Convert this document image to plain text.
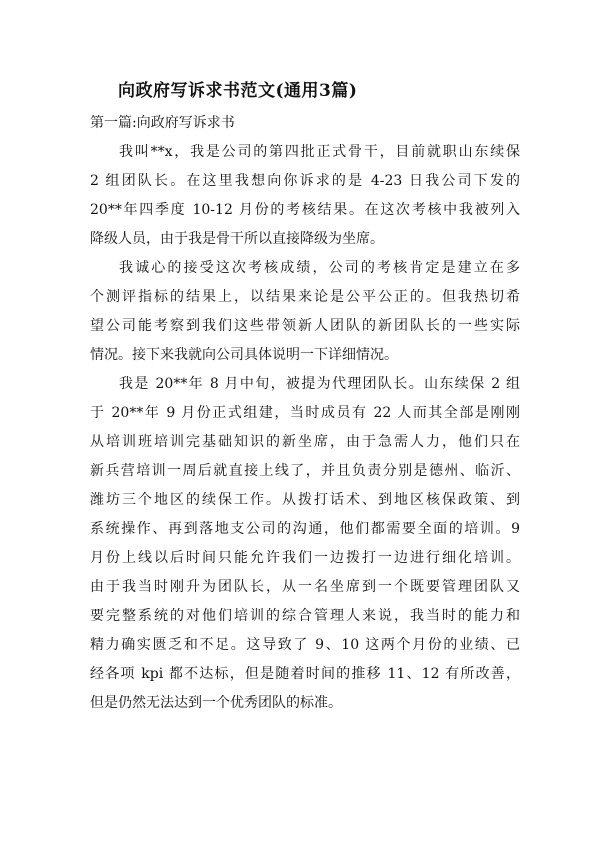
向政府写诉求书范文(通用3篇)
第一篇:向政府写诉求书
我叫**x，我是公司的第四批正式骨干，目前就职山东续保
2 组团队长。在这里我想向你诉求的是 4-23 日我公司下发的
20**年四季度 10-12 月份的考核结果。在这次考核中我被列入
降级人员，由于我是骨干所以直接降级为坐席。
我诚心的接受这次考核成绩，公司的考核肯定是建立在多
个测评指标的结果上，以结果来论是公平公正的。但我热切希
望公司能考察到我们这些带领新人团队的新团队长的一些实际
情况。接下来我就向公司具体说明一下详细情况。
我是 20**年 8 月中旬，被提为代理团队长。山东续保 2 组
于 20**年 9 月份正式组建，当时成员有 22 人而其全部是刚刚
从培训班培训完基础知识的新坐席，由于急需人力，他们只在
新兵营培训一周后就直接上线了，并且负责分别是德州、临沂、
潍坊三个地区的续保工作。从拨打话术、到地区核保政策、到
系统操作、再到落地支公司的沟通，他们都需要全面的培训。9
月份上线以后时间只能允许我们一边拨打一边进行细化培训。
由于我当时刚升为团队长，从一名坐席到一个既要管理团队又
要完整系统的对他们培训的综合管理人来说，我当时的能力和
精力确实匮乏和不足。这导致了 9、10 这两个月份的业绩、已
经各项 kpi 都不达标，但是随着时间的推移 11、12 有所改善，
但是仍然无法达到一个优秀团队的标准。
